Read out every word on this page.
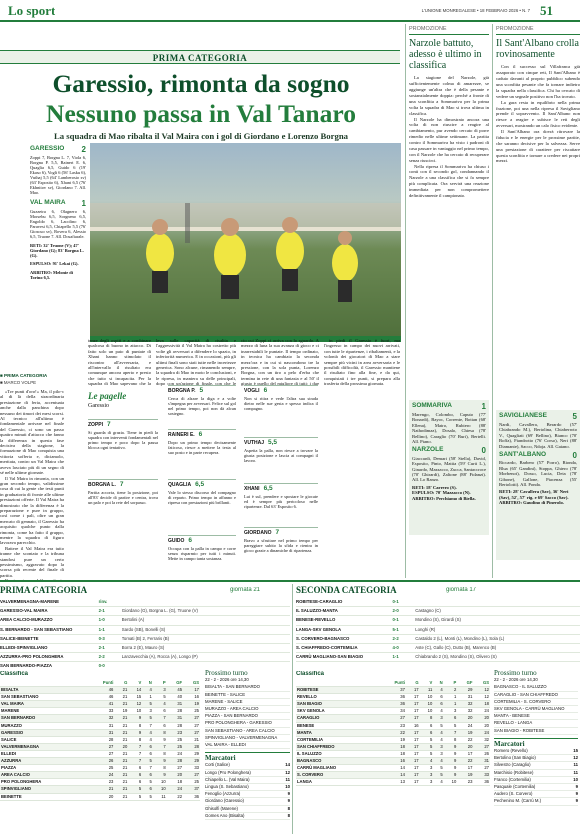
Lo sport	L'UNIONE MONREGALESE • 18 FEBBRAIO 2026 • N. 7 51
PRIMA CATEGORIA
Garessio, rimonta da sogno
Nessuno passa in Val Tanaro
La squadra di Mao ribalta il Val Maira con i gol di Giordano e Lorenzo Borgna
GARESSIO 2
Zoppi 7, Borgna L. 7, Viola 6, Borgna P. 5,5, Raineri E. 6, Quaglia 6,5, Guido 6 (19' Ekaso 6), Vogli 6 (56' Lasku 6), Vuthaj 5,5 (64' Lamberosio sv) (63' Esposito 6), Xhani 6,5 (76' Ekhnitov sv), Giordano 7. All. Mao.
VAL MAIRA 1
Guzzeira 6, Olagnero 6, Morsebu 6,5, Sorgneno 6,5, Engoldo 6, Lacolino 6, Paravesi 6,5, Chiapello 5,5 (76' Gioscuo sv), Rovera 6, Alessio 6,5, Truone 7. All. Dosafiarale.
RETI: 32' Truone (V); 47' Giordano (G); 83' Borgna L. (G).
ESPULSO: 91' Lekai (G).
ARBITRO: Melonie di Torino 6,5.
■ PRIMA CATEGORIA
■ MARCO VOLPE

«Tre punti d'oro!» Ma, il pilo-c al di là della straordinaria prestazione di feria, accentuata anche dalla panchina dopo nessuno dei timori dei mesi scorsi. Al tecnico all'ultimo è fondamentale arrivare nel finale del Garessio, ci sono un passo quattro minuti d'attacco che fanno la differenza in questa fase decisiva della stagione, la formazione di Mao conquista una vittoria sofferta e, diciamolo, meritata, contro un Val Maira che aveva lasciato più di un segno di sé nelle ultime giornate.

Il Val Maira in rimonta, con un gran secondo tempo, validissime cosa di cui la gente che testi punti in graduatoria di fronte alle ultime prestazioni offerte. Il Val Maira ha dimostrato che la differenza è la preparazione e pure in gruppo, così come i pali, oltre un gran mercato di gennaio, il Garessio ha acquisito qualche punto dalla rimonta, come ha fatto il gruppo, mentre la squadra di figuro lavorava parecchio.

Battere il Val Maira era tutto tranne che scontato e la tribuna standosi pure un certo pessimismo, aggravato dopo la scorsa più recente del finale di partita.

tenze degli ospiti e a combinare qualcosa di buono in attacco. Di fatto solo un paio di puntate di Xhani hanno stimolato il riscontro all'avversaria, e all'intervallo il risultato era comunque ancora aperto e presto che tutto si incapacita. Per la squadra di Mao sapevano che la

leva sulle capacità di risalita e l'aggressività il Val Maira ha costretto più volte gli avversari a difendere lo spazio, in inferiorità numerica. E in occasioni, più gli ultimi finali sono stati tutte nelle incertezze generica. Sono alcune, rimanendo sempre, la squadra di Mao in moto le conclusioni, e le ripresa, in maniera su delle principali, dopo con un'azione di finale, con che le

cio cui Zoppi ci arriva con lo sguardo. A mezzo di luna la sua avanza di gioco e ci inarrestabili le puntate. Il tempo ordinato, in tecnica ha cambiato la seconda mezz'ora e in cui si nascondono tre la pressione, con la sola punta, Lorenzo Borgna, con un tiro a pelo d'erba che termina in rete di una fantasia e al 50' il giusto è quello del migliore di tutti: i due

in piedi il Garessio è fuori, ma l'ingresso in campo dei nuovi arrivati, con tutte le ripartenze, i ribaltamenti, e la volontà dei giocatori di Mao a stare sempre più vicini in area avversaria e le possibili difficoltà, il Garessio mantiene il risultato fino alla fine, e da qui, conquistati i tre punti, si prepara alla trasferta della prossima giornata.

Le pagelle
Garessio
ZOPPI 7
Si guarda di grazia. Tiene in piedi la squadra con interventi fondamentali nel primo tempo e poco dopo la pausa blocca ogni tentativo.
BORGNA L. 7
Partita accorta, tiene la posizione, poi all'83' decide di partire e centra, trova un palo e poi la rete del sorpasso.
BORGNA P. 5
Cerca di alzare la diga e a volte s'impegna per avversari. Felice sul gol nel primo tempo, poi non dà alcun sostegno.
RAINERI E. 6
Dopo un primo tempo decisamente faticoso, riesce a mettere la testa al suo posto e in parte recupera.
QUAGLIA 6,5
Vale lo stesso discorso del compagno di reparto. Primo tempo in affanno e ripresa con prestazioni più brillanti.
GUIDO 6
Occupa con la palla in campo e corre senza risparmio per tutti i minuti. Mette in campo tanta sostanza.
VOGLI 6
Non si ritira e vede l'altra sua strada dietro nelle sue gesta e spesso indica il compagno.
VUTHAJ 5,5
Aspetta la palla, non riesce a trovare la giusta posizione e lascia ai compagni il lavoro.
XHANI 6,5
Lui è sul, prendere e spostare le giocate ed è sempre più pericoloso nelle ripartenze. Dal 63' Esposito 6.
GIORDANO 7
Bravo a sfruttare nel primo tempo per pareggiare subito la sfida e rientra in gioco grazie a dinamiche di ripartenza.
PROMOZIONE
Narzole battuto, adesso è ultimo in classifica

La stagione del Narzole, già sufficientemente colma di amarezze, se aggiunge un'altra che è della pesante e sostanzialmente doppia: perché a fronte di una sconfitta a Sommariva per la prima volta la squadra di Mao si trova ultima in classifica.

Il Narzole ha dimostrato ancora una volta di non riuscire a reagire al cambiamento, pur avendo cercato di porre rimedio nelle ultime settimane. La partita contro il Sommariva ha visto i padroni di casa passare in vantaggio nel primo tempo, con il Narzole che ha cercato di recuperare senza riuscirci.

Nella ripresa il Sommariva ha chiuso i conti con il secondo gol, condannando il Narzole a una classifica che si fa sempre più complicata. Ora servirà una reazione immediata per non compromettere definitivamente il campionato.

SOMMARIVA	1
Marengo, Colombo, Caputo (77' Bonardi), Bayoc, Corrente, Bottan (68' Ellena), Mairo, Rubiero (88' Nathodimaz), Dosalo, Chiesa (78' Bellino), Caraglio (70' Buri), Bertelli. All. Piano.
NARZOLE	0
Giaccardi, Demari (58' Stella), David, Esposito, Pinto, Mattia (59' Curti L.), Ginardo, Mazzacco, Zucca, Santaccroce (70' Ghirardi), Zaltone (88' Fidanzi). All. Lo Ranzo.
RETI: 18' Carrero (S).
ESPULSO: 70' Mazzacco (N).
ARBITRO: Perchiamo di Biella.
PROMOZIONE
Il Sant'Albano crolla rovinosamente

Con il successo sul Villafranca già assaporato con cinque reti, Il Sant'Albano è caduto davanti al proprio pubblico subendo una sconfitta pesante che fa tornare indietro la squadra nella classifica. Chi ha cercato di vedere un segnale positivo non l'ha trovato.

La gara resta in equilibrio nella prima frazione, poi una nella ripresa il Savigliano prende il sopravvento. Il Sant'Albano non riesce a reagire e subisce le reti degli avversari, mostrando un calo fisico evidente.

Il Sant'Albano ora dovrà ritrovare la fiducia e le energie per le prossime partite, che saranno decisive per la salvezza. Serve una prestazione di carattere per riscattare questa sconfitta e tornare a credere nei propri mezzi.

SAVIGLIANESE	5
Nardi, Cavallera, Berardo (57' Chiabrando M.), Bertolina, Chiaberroto V., Quagliati (69' Bellino), Bianco (70' Boffa), Fiandrotto (76' Corso), Neri (88' Diamante), Sacco, Ndoja. All. Gaiano.
SANT'ALBANO	0
Riccardo, Barbero (57' Porro), Rionda, Blua (65' Gandini), Stoppa, Ghiero (78' Morbenot), Dosso, Lucia, Deia (78' Gibone), Gallone, Piacenza (55' Bertolotti). All. Ponda.
RETI: 28' Cavallera (Sav), 36' Neri (Sav), 52', 57' rig. e 69' Sacco (Sav).
ARBITRO: Gaudino di Pinerolo.
PRIMA CATEGORIA	giornata 21
VALVERMENAGNA-MARENE	rinv.
GARESSIO-VAL MAIRA	2-1	Giordano (G), Borgna L. (G), Truone (V)
AREA CALCIO-MURAZZO	1-0	Bertolini (A)
S. BERNARDO - SAN SEBASTIANO	1-1	Sardo (SB), Bonelli (S)
SALICE-BEINETTE	0-3	Tomati (B) 2, Ferraris (B)
ELLEDI-SPINVIGLIANO	2-1	Borra 2 (E), Mauro (S)
AZZURRA-PRO POLONGHERA	2-2	Lanzavecchia (A), Rocca (A), Longo (P)
SAN BERNARDO-PIAZZA	0-0
Classifica
	Punti	G	V	N	P	GF	GS
BISALTA	46	21	14	4	3	45	17
SAN SEBASTIANO	46	21	15	1	5	40	16
VAL MAIRA	41	21	12	5	4	31	19
MARENE	33	19	10	3	6	28	25
SAN BERNARDO	32	21	9	5	7	31	27
MURAZZO	31	21	8	7	6	28	27
GARESSIO	31	21	9	4	8	23	27
SALICE	28	21	8	4	9	25	21
VALVERMENAGNA	27	20	7	6	7	25	28
ELLEDI	27	21	7	6	8	24	29
AZZURRA	26	21	7	5	9	28	29
PIAZZA	25	21	6	7	8	27	33
AREA CALCIO	24	21	6	6	9	20	27
PRO POLONGHERA	23	21	6	5	10	18	25
SPINVIGLIANO	21	21	5	6	10	24	37
BEINETTE	20	21	5	5	11	22	36
Prossimo turno
22 - 2 - 2026 ore 14,30
BISALTA - SAN BERNARDO
BEINETTE - SALICE
MARENE - SALICE
MURAZZO - AREA CALCIO
PIAZZA - SAN BERNARDO
PRO POLONGHERA - GARESSIO
SAN SEBASTIANO - AREA CALCIO
SPINVIGLIANO - VALVERMENAGNA
VAL MAIRA - ELLEDI
Marcatori
Corti (Salice)	14
Longo (Pro Polonghera)	12
Chiapello L. (Val Maira)	11
Lingua (S. Sebastiano)	10
Fenoglio (Azzurra)	9
Giordano (Garessio)	9
Ghisolfi (Marene)	8
Gomes Ano (Bisalta)	8
SECONDA CATEGORIA	giornata 17
ROBITESE-CARAGLIO	0-1
IL SALUZZO-MANTA	2-0	Castagno (C)
BENESE-REVELLO	0-1	Mondino (S), Girardi (S)
LANGA-SKV GENOLA	5-1	Longhi (R)
S. CORVERO-BAGNASCO	2-2	Castaldo 2 (L), Monti (L), Mondino (L), Sola (L)
S. CHIAFFREDO-CORTEMILIA	4-0	Aste (C), Gallo (C), Dutto (B), Marenco (B)
CARRÙ MAGLIANO-SAN BIAGIO	1-1	Chiabrando 2 (S), Mondino (S), Olivero (S)
Classifica
	Punti	G	V	N	P	GF	GS
ROBITESE	37	17	11	4	2	29	12
REVELLO	36	17	10	6	1	31	12
SAN BIAGIO	36	17	10	6	1	32	18
SKV GENOLA	34	17	10	4	3	32	24
CARAGLIO	27	17	8	3	6	20	20
BENESE	23	16	6	5	5	24	20
MANTA	22	17	6	4	7	19	24
CORTEMILIA	19	17	5	4	8	22	32
SAN CHIAFFREDO	18	17	5	3	9	20	27
IL SALUZZO	18	17	5	3	9	17	26
BAGNASCO	16	17	4	4	9	22	31
CARRÙ MAGLIANO	14	17	3	5	9	17	27
S. CORVERO	14	17	3	5	9	19	33
LANGA	13	17	3	4	10	23	36
Prossimo turno
22 - 2 - 2026 ore 14,30
BAGNASCO - IL SALUZZO
CARAGLIO - SAN CHIAFFREDO
CORTEMILIA - S. CORVERO
SKV GENOLA - CARRÙ MAGLIANO
MANTA - BENESE
REVELLO - LANGA
SAN BIAGIO - ROBITESE
Marcatori
Romero (Revello)	15
Bertolino (San Biagio)	12
Silvestro (Caraglio)	11
Marchisio (Robitese)	11
Franco (Cortemilia)	10
Pasquale (Cortemilia)	9
Audero (S. Corvero)	9
Pechenino M. (Carrù M.)	9
